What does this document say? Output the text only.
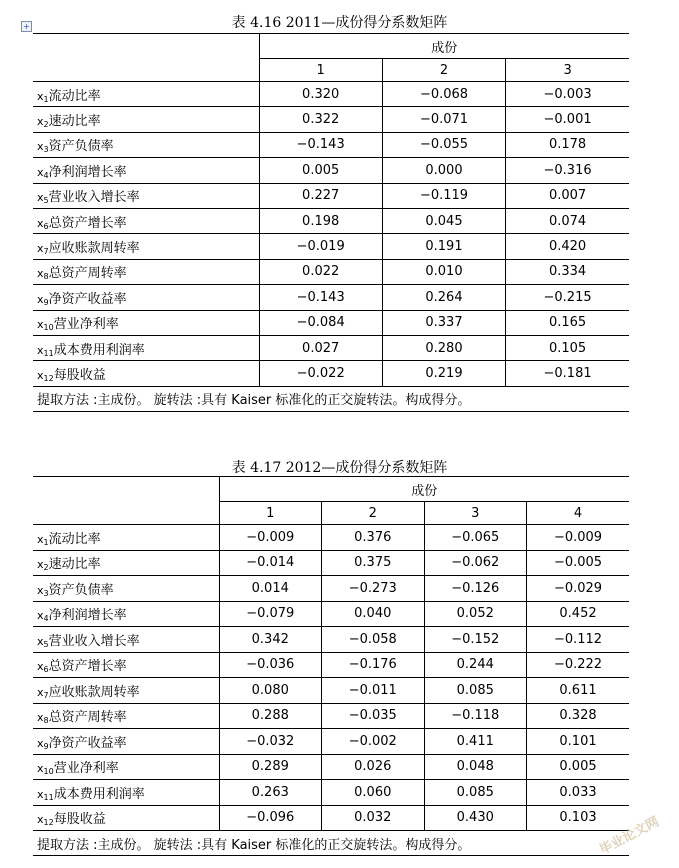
+	表 4.16 2011—成份得分系数矩阵
	成份		
	1	2	3
$x_1$流动比率	0.320	−0.068	−0.003
$x_2$速动比率	0.322	−0.071	−0.001
$x_3$资产负债率	−0.143	−0.055	0.178
$x_4$净利润增长率	0.005	0.000	−0.316
$x_5$营业收入增长率	0.227	−0.119	0.007
$x_6$总资产增长率	0.198	0.045	0.074
$x_7$应收账款周转率	−0.019	0.191	0.420
$x_8$总资产周转率	0.022	0.010	0.334
$x_9$净资产收益率	−0.143	0.264	−0.215
$x_{10}$营业净利率	−0.084	0.337	0.165
$x_{11}$成本费用利润率	0.027	0.280	0.105
$x_{12}$每股收益	−0.022	0.219	−0.181
提取方法 :主成份。 旋转法 :具有 Kaiser 标准化的正交旋转法。构成得分。			
表 4.17 2012—成份得分系数矩阵
	成份			
	1	2	3	4
$x_1$流动比率	−0.009	0.376	−0.065	−0.009
$x_2$速动比率	−0.014	0.375	−0.062	−0.005
$x_3$资产负债率	0.014	−0.273	−0.126	−0.029
$x_4$净利润增长率	−0.079	0.040	0.052	0.452
$x_5$营业收入增长率	0.342	−0.058	−0.152	−0.112
$x_6$总资产增长率	−0.036	−0.176	0.244	−0.222
$x_7$应收账款周转率	0.080	−0.011	0.085	0.611
$x_8$总资产周转率	0.288	−0.035	−0.118	0.328
$x_9$净资产收益率	−0.032	−0.002	0.411	0.101
$x_{10}$营业净利率	0.289	0.026	0.048	0.005
$x_{11}$成本费用利润率	0.263	0.060	0.085	0.033
$x_{12}$每股收益	−0.096	0.032	0.430	0.103
提取方法 :主成份。 旋转法 :具有 Kaiser 标准化的正交旋转法。构成得分。					毕业论文网
